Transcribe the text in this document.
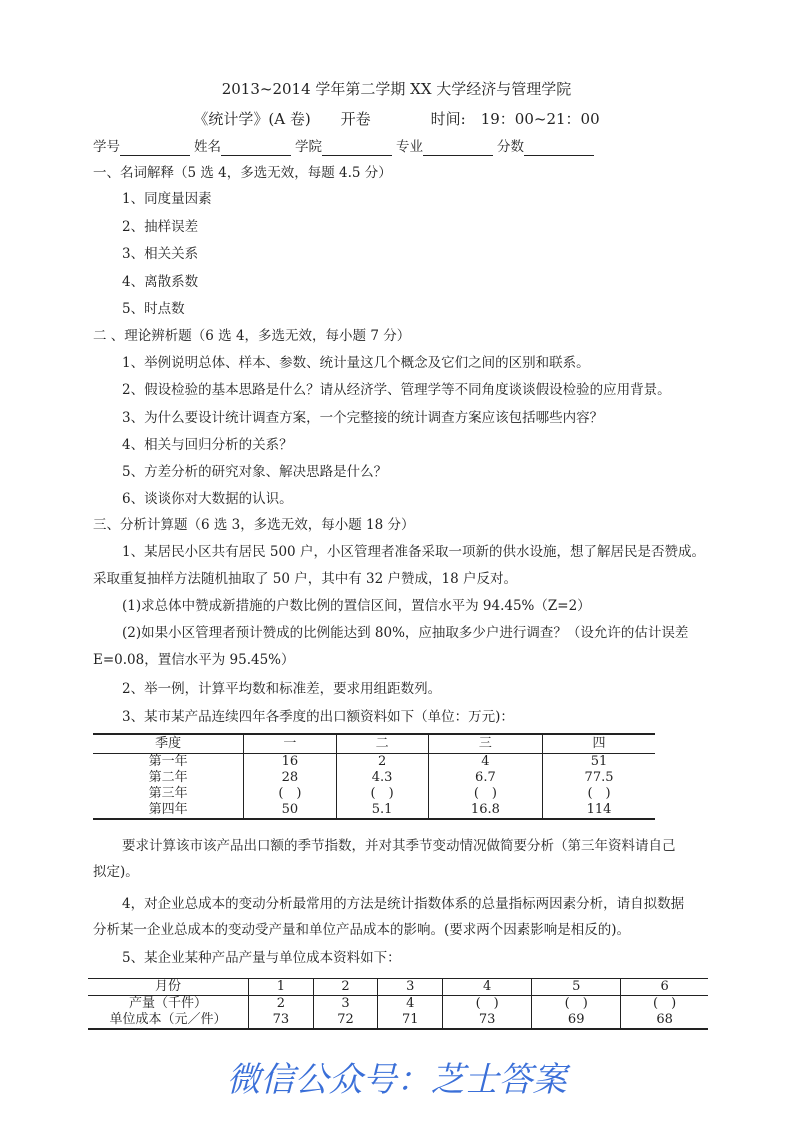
2013~2014 学年第二学期 XX 大学经济与管理学院
《统计学》(A 卷)　　开卷　　　　时间:　19：00~21：00
学号	姓名	学院	专业	分数
一、名词解释（5 选 4，多选无效，每题 4.5 分）
1、同度量因素
2、抽样误差
3、相关关系
4、离散系数
5、时点数
二 、理论辨析题（6 选 4，多选无效，每小题 7 分）
1、举例说明总体、样本、参数、统计量这几个概念及它们之间的区别和联系。
2、假设检验的基本思路是什么？请从经济学、管理学等不同角度谈谈假设检验的应用背景。
3、为什么要设计统计调查方案，一个完整接的统计调查方案应该包括哪些内容？
4、相关与回归分析的关系？
5、方差分析的研究对象、解决思路是什么？
6、谈谈你对大数据的认识。
三、分析计算题（6 选 3，多选无效，每小题 18 分）
1、某居民小区共有居民 500 户，小区管理者准备采取一项新的供水设施，想了解居民是否赞成。
采取重复抽样方法随机抽取了 50 户，其中有 32 户赞成，18 户反对。
(1)求总体中赞成新措施的户数比例的置信区间，置信水平为 94.45%（Z=2）
(2)如果小区管理者预计赞成的比例能达到 80%，应抽取多少户进行调查？（设允许的估计误差
E=0.08，置信水平为 95.45%）
2、举一例，计算平均数和标准差，要求用组距数列。
3、某市某产品连续四年各季度的出口额资料如下（单位：万元)：
季度	一	二	三	四
第一年	16	2	4	51
第二年	28	4.3	6.7	77.5
第三年	(　)	(　)	(　)	(　)
第四年	50	5.1	16.8	114
要求计算该市该产品出口额的季节指数，并对其季节变动情况做简要分析（第三年资料请自己
拟定)。
4，对企业总成本的变动分析最常用的方法是统计指数体系的总量指标两因素分析，请自拟数据
分析某一企业总成本的变动受产量和单位产品成本的影响。(要求两个因素影响是相反的)。
5、某企业某种产品产量与单位成本资料如下：
月份	1	2	3	4	5	6
产量（千件）	2	3	4	(　)	(　)	(　)
单位成本（元／件）	73	72	71	73	69	68
微信公众号：芝士答案
